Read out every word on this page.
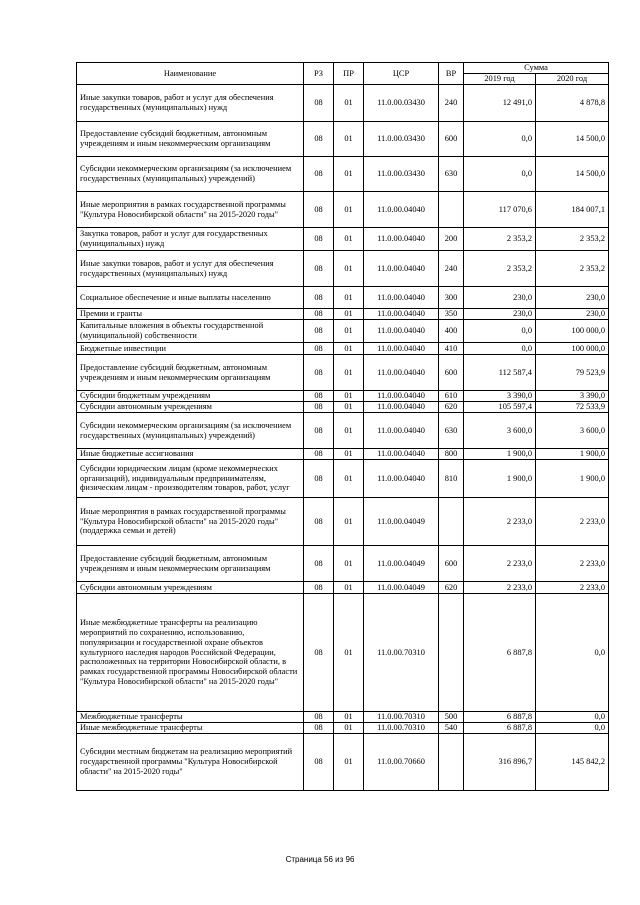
Наименование	РЗ	ПР	ЦСР	ВР	Сумма	
					2019 год	2020 год
Иные закупки товаров, работ и услуг для обеспечения государственных (муниципальных) нужд	08	01	11.0.00.03430	240	12 491,0	4 878,8
Предоставление субсидий бюджетным, автономным учреждениям и иным некоммерческим организациям	08	01	11.0.00.03430	600	0,0	14 500,0
Субсидии некоммерческим организациям (за исключением государственных (муниципальных) учреждений)	08	01	11.0.00.03430	630	0,0	14 500,0
Иные мероприятия в рамках государственной программы "Культура Новосибирской области" на 2015-2020 годы"	08	01	11.0.00.04040		117 070,6	184 007,1
Закупка товаров, работ и услуг для государственных (муниципальных) нужд	08	01	11.0.00.04040	200	2 353,2	2 353,2
Иные закупки товаров, работ и услуг для обеспечения государственных (муниципальных) нужд	08	01	11.0.00.04040	240	2 353,2	2 353,2
Социальное обеспечение и иные выплаты населению	08	01	11.0.00.04040	300	230,0	230,0
Премии и гранты	08	01	11.0.00.04040	350	230,0	230,0
Капитальные вложения в объекты государственной (муниципальной) собственности	08	01	11.0.00.04040	400	0,0	100 000,0
Бюджетные инвестиции	08	01	11.0.00.04040	410	0,0	100 000,0
Предоставление субсидий бюджетным, автономным учреждениям и иным некоммерческим организациям	08	01	11.0.00.04040	600	112 587,4	79 523,9
Субсидии бюджетным учреждениям	08	01	11.0.00.04040	610	3 390,0	3 390,0
Субсидии автономным учреждениям	08	01	11.0.00.04040	620	105 597,4	72 533,9
Субсидии некоммерческим организациям (за исключением государственных (муниципальных) учреждений)	08	01	11.0.00.04040	630	3 600,0	3 600,0
Иные бюджетные ассигнования	08	01	11.0.00.04040	800	1 900,0	1 900,0
Субсидии юридическим лицам (кроме некоммерческих организаций), индивидуальным предпринимателям, физическим лицам - производителям товаров, работ, услуг	08	01	11.0.00.04040	810	1 900,0	1 900,0
Иные мероприятия в рамках государственной программы "Культура Новосибирской области" на 2015-2020 годы"(поддержка семьи и детей)	08	01	11.0.00.04049		2 233,0	2 233,0
Предоставление субсидий бюджетным, автономным учреждениям и иным некоммерческим организациям	08	01	11.0.00.04049	600	2 233,0	2 233,0
Субсидии автономным учреждениям	08	01	11.0.00.04049	620	2 233,0	2 233,0
Иные межбюджетные трансферты на реализацию мероприятий по сохранению, использованию, популяризации и государственной охране объектов культурного наследия народов Российской Федерации, расположенных на территории Новосибирской области, в рамках государственной программы Новосибирской области "Культура Новосибирской области" на 2015-2020 годы"	08	01	11.0.00.70310		6 887,8	0,0
Межбюджетные трансферты	08	01	11.0.00.70310	500	6 887,8	0,0
Иные межбюджетные трансферты	08	01	11.0.00.70310	540	6 887,8	0,0
Субсидии местным бюджетам на реализацию мероприятий государственной программы "Культура Новосибирской области" на 2015-2020 годы"	08	01	11.0.00.70660		316 896,7	145 842,2
Страница 56 из 96
